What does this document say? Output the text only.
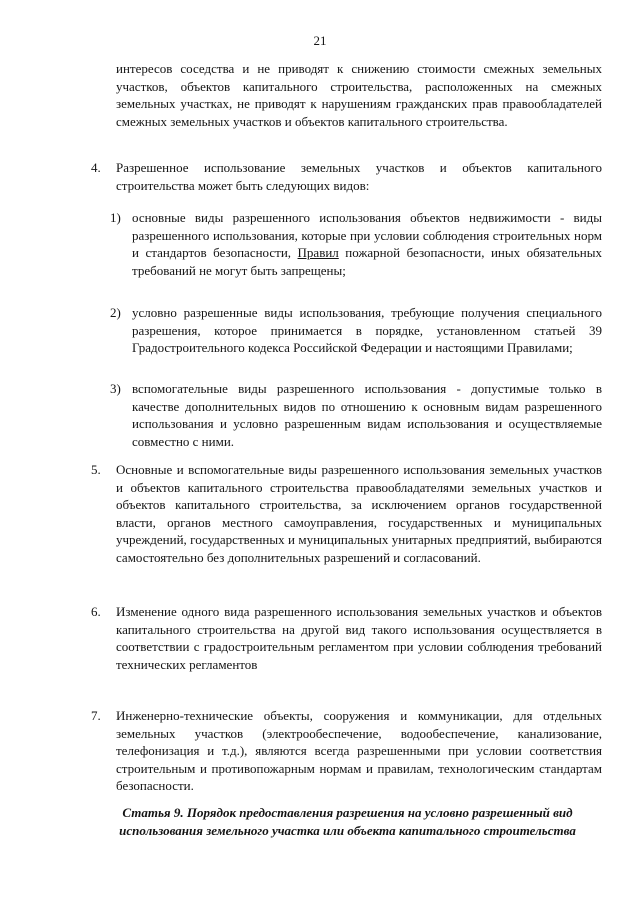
21
интересов соседства и не приводят к снижению стоимости смежных земельных участков, объектов капитального строительства, расположенных на смежных земельных участках, не приводят к нарушениям гражданских прав правообладателей смежных земельных участков и объектов капитального строительства.
4.	Разрешенное использование земельных участков и объектов капитального строительства может быть следующих видов:
1) основные виды разрешенного использования объектов недвижимости - виды разрешенного использования, которые при условии соблюдения строительных норм и стандартов безопасности, Правил пожарной безопасности, иных обязательных требований не могут быть запрещены;
2) условно разрешенные виды использования, требующие получения специального разрешения, которое принимается в порядке, установленном статьей 39 Градостроительного кодекса Российской Федерации и настоящими Правилами;
3) вспомогательные виды разрешенного использования - допустимые только в качестве дополнительных видов по отношению к основным видам разрешенного использования и условно разрешенным видам использования и осуществляемые совместно с ними.
5.	Основные и вспомогательные виды разрешенного использования земельных участков и объектов капитального строительства правообладателями земельных участков и объектов капитального строительства, за исключением органов государственной власти, органов местного самоуправления, государственных и муниципальных учреждений, государственных и муниципальных унитарных предприятий, выбираются самостоятельно без дополнительных разрешений и согласований.
6.	Изменение одного вида разрешенного использования земельных участков и объектов капитального строительства на другой вид такого использования осуществляется в соответствии с градостроительным регламентом при условии соблюдения требований технических регламентов
7.	Инженерно-технические объекты, сооружения и коммуникации, для отдельных земельных участков (электрообеспечение, водообеспечение, канализование, телефонизация и т.д.), являются всегда разрешенными при условии соответствия строительным и противопожарным нормам и правилам, технологическим стандартам безопасности.
Статья 9. Порядок предоставления разрешения на условно разрешенный вид использования земельного участка или объекта капитального строительства
